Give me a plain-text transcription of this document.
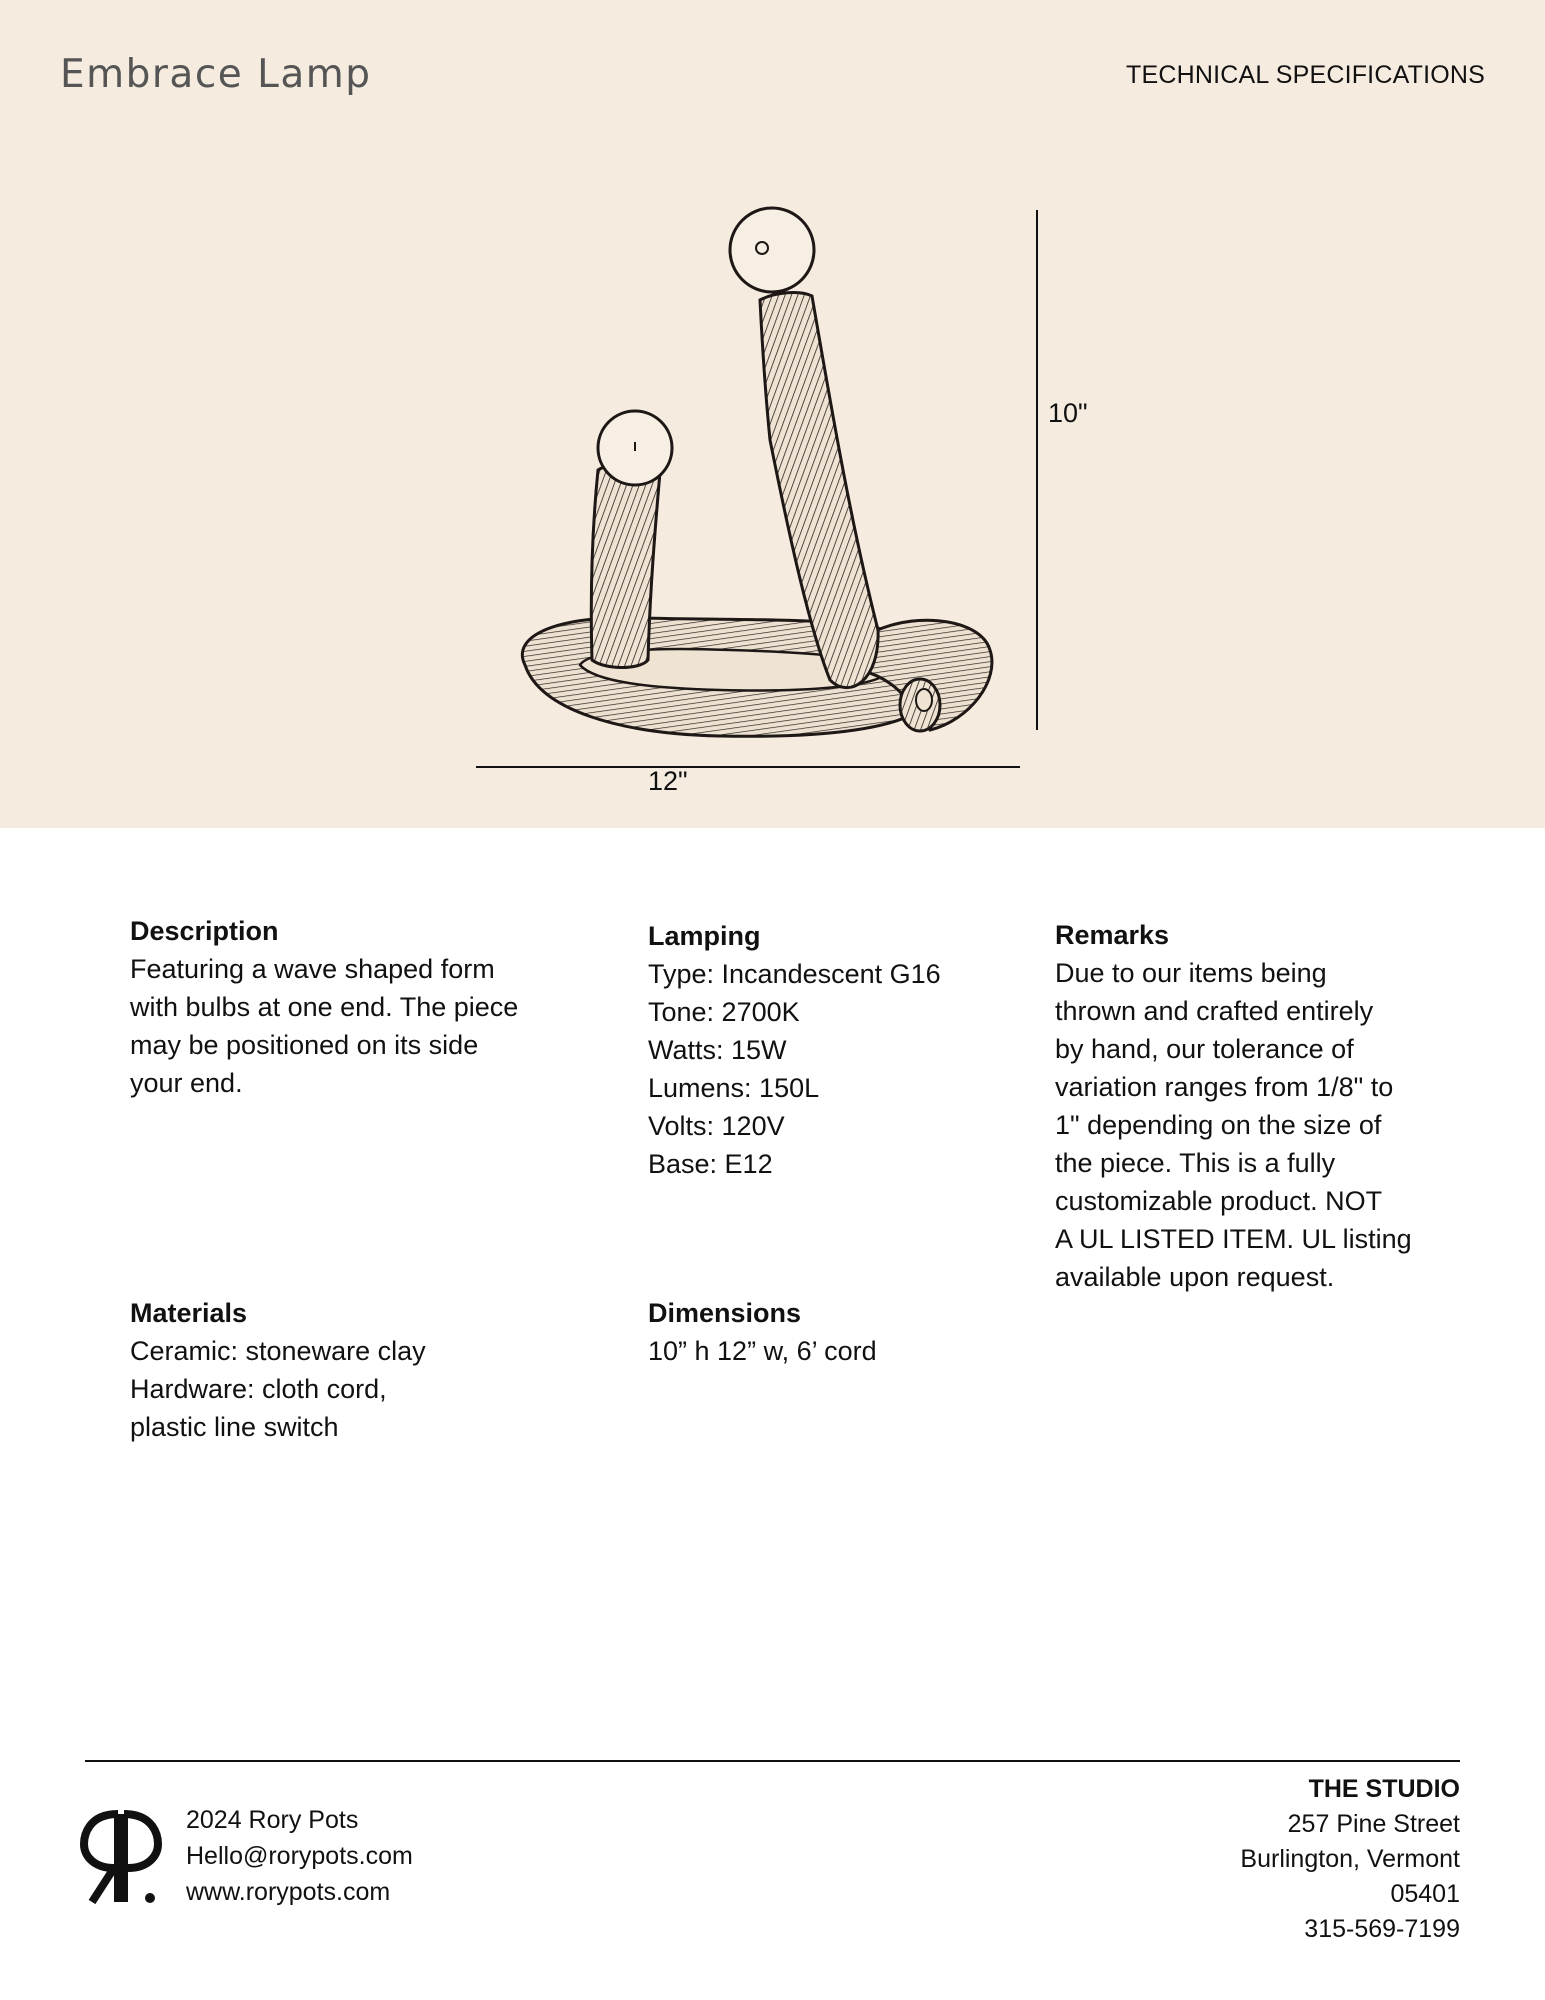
Embrace Lamp	TECHNICAL SPECIFICATIONS
10"
12"
Description

Featuring a wave shaped form
with bulbs at one end. The piece
may be positioned on its side
your end.

Lamping

Type: Incandescent G16
Tone: 2700K
Watts: 15W
Lumens: 150L
Volts: 120V
Base: E12

Remarks

Due to our items being
thrown and crafted entirely
by hand, our tolerance of
variation ranges from 1/8" to
1" depending on the size of
the piece. This is a fully
customizable product. NOT
A UL LISTED ITEM. UL listing
available upon request.

Materials

Ceramic: stoneware clay
Hardware: cloth cord,
plastic line switch

Dimensions

10” h 12” w, 6’ cord

2024 Rory Pots
Hello@rorypots.com
www.rorypots.com
THE STUDIO
257 Pine Street
Burlington, Vermont
05401
315-569-7199
